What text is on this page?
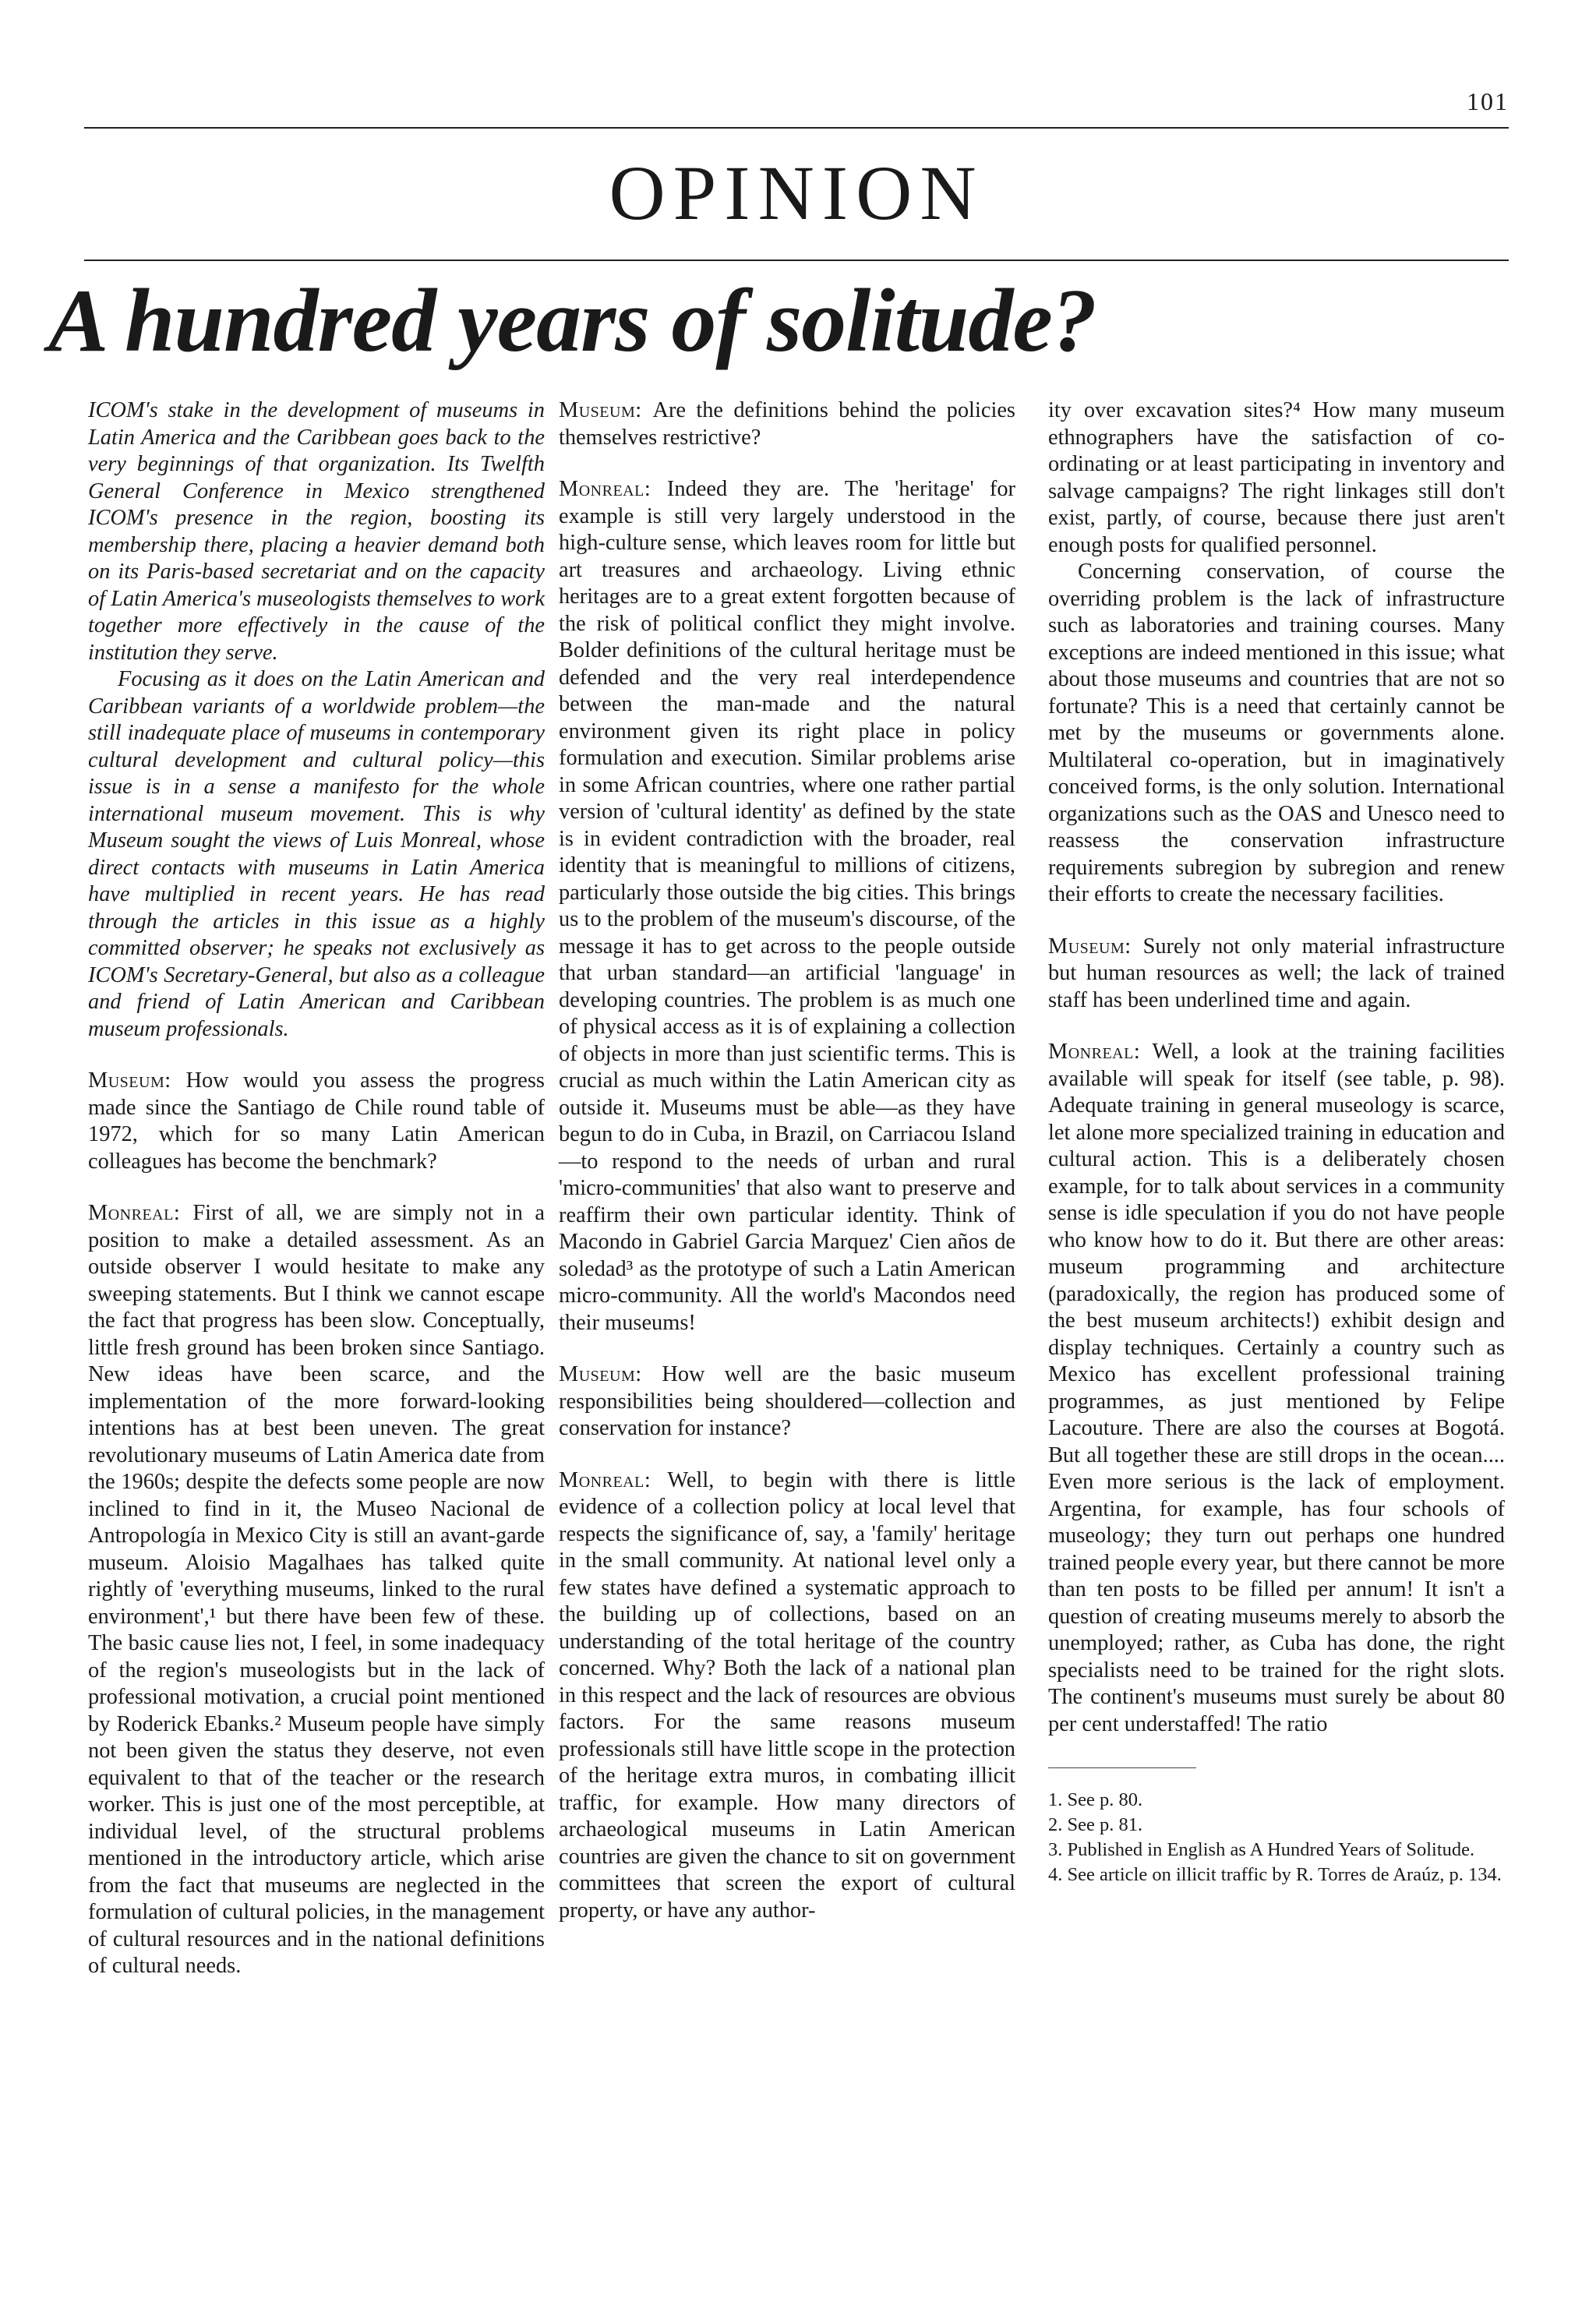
101
OPINION
A hundred years of solitude?

ICOM's stake in the development of museums in Latin America and the Caribbean goes back to the very beginnings of that organization. Its Twelfth General Conference in Mexico strengthened ICOM's presence in the region, boosting its membership there, placing a heavier demand both on its Paris-based secretariat and on the capacity of Latin America's museologists themselves to work together more effectively in the cause of the institution they serve.

Focusing as it does on the Latin American and Caribbean variants of a worldwide problem—the still inadequate place of museums in contemporary cultural development and cultural policy—this issue is in a sense a manifesto for the whole international museum movement. This is why Museum sought the views of Luis Monreal, whose direct contacts with museums in Latin America have multiplied in recent years. He has read through the articles in this issue as a highly committed observer; he speaks not exclusively as ICOM's Secretary-General, but also as a colleague and friend of Latin American and Caribbean museum professionals.

Museum : How would you assess the progress made since the Santiago de Chile round table of 1972, which for so many Latin American colleagues has become the benchmark?

Monreal : First of all, we are simply not in a position to make a detailed assessment. As an outside observer I would hesitate to make any sweeping statements. But I think we cannot escape the fact that progress has been slow. Conceptually, little fresh ground has been broken since Santiago. New ideas have been scarce, and the implementation of the more forward-looking intentions has at best been uneven. The great revolutionary museums of Latin America date from the 1960s; despite the defects some people are now inclined to find in it, the Museo Nacional de Antropología in Mexico City is still an avant-garde museum. Aloisio Magalhaes has talked quite rightly of 'everything museums, linked to the rural environment',¹ but there have been few of these. The basic cause lies not, I feel, in some inadequacy of the region's museologists but in the lack of professional motivation, a crucial point mentioned by Roderick Ebanks.² Museum people have simply not been given the status they deserve, not even equivalent to that of the teacher or the research worker. This is just one of the most perceptible, at individual level, of the structural problems mentioned in the introductory article, which arise from the fact that museums are neglected in the formulation of cultural policies, in the management of cultural resources and in the national definitions of cultural needs.

Museum : Are the definitions behind the policies themselves restrictive?

Monreal : Indeed they are. The 'heritage' for example is still very largely understood in the high-culture sense, which leaves room for little but art treasures and archaeology. Living ethnic heritages are to a great extent forgotten because of the risk of political conflict they might involve. Bolder definitions of the cultural heritage must be defended and the very real interdependence between the man-made and the natural environment given its right place in policy formulation and execution. Similar problems arise in some African countries, where one rather partial version of 'cultural identity' as defined by the state is in evident contradiction with the broader, real identity that is meaningful to millions of citizens, particularly those outside the big cities. This brings us to the problem of the museum's discourse, of the message it has to get across to the people outside that urban standard—an artificial 'language' in developing countries. The problem is as much one of physical access as it is of explaining a collection of objects in more than just scientific terms. This is crucial as much within the Latin American city as outside it. Museums must be able—as they have begun to do in Cuba, in Brazil, on Carriacou Island—to respond to the needs of urban and rural 'micro-communities' that also want to preserve and reaffirm their own particular identity. Think of Macondo in Gabriel Garcia Marquez' Cien años de soledad³ as the prototype of such a Latin American micro-community. All the world's Macondos need their museums!

Museum : How well are the basic museum responsibilities being shouldered—collection and conservation for instance?

Monreal : Well, to begin with there is little evidence of a collection policy at local level that respects the significance of, say, a 'family' heritage in the small community. At national level only a few states have defined a systematic approach to the building up of collections, based on an understanding of the total heritage of the country concerned. Why? Both the lack of a national plan in this respect and the lack of resources are obvious factors. For the same reasons museum professionals still have little scope in the protection of the heritage extra muros, in combating illicit traffic, for example. How many directors of archaeological museums in Latin American countries are given the chance to sit on government committees that screen the export of cultural property, or have any author-

ity over excavation sites?⁴ How many museum ethnographers have the satisfaction of co-ordinating or at least participating in inventory and salvage campaigns? The right linkages still don't exist, partly, of course, because there just aren't enough posts for qualified personnel.

Concerning conservation, of course the overriding problem is the lack of infrastructure such as laboratories and training courses. Many exceptions are indeed mentioned in this issue; what about those museums and countries that are not so fortunate? This is a need that certainly cannot be met by the museums or governments alone. Multilateral co-operation, but in imaginatively conceived forms, is the only solution. International organizations such as the OAS and Unesco need to reassess the conservation infrastructure requirements subregion by subregion and renew their efforts to create the necessary facilities.

Museum : Surely not only material infrastructure but human resources as well; the lack of trained staff has been underlined time and again.

Monreal : Well, a look at the training facilities available will speak for itself (see table, p. 98). Adequate training in general museology is scarce, let alone more specialized training in education and cultural action. This is a deliberately chosen example, for to talk about services in a community sense is idle speculation if you do not have people who know how to do it. But there are other areas: museum programming and architecture (paradoxically, the region has produced some of the best museum architects!) exhibit design and display techniques. Certainly a country such as Mexico has excellent professional training programmes, as just mentioned by Felipe Lacouture. There are also the courses at Bogotá. But all together these are still drops in the ocean.... Even more serious is the lack of employment. Argentina, for example, has four schools of museology; they turn out perhaps one hundred trained people every year, but there cannot be more than ten posts to be filled per annum! It isn't a question of creating museums merely to absorb the unemployed; rather, as Cuba has done, the right specialists need to be trained for the right slots. The continent's museums must surely be about 80 per cent understaffed! The ratio

1. See p. 80.
2. See p. 81.
3. Published in English as A Hundred Years of Solitude.
4. See article on illicit traffic by R. Torres de Araúz, p. 134.
